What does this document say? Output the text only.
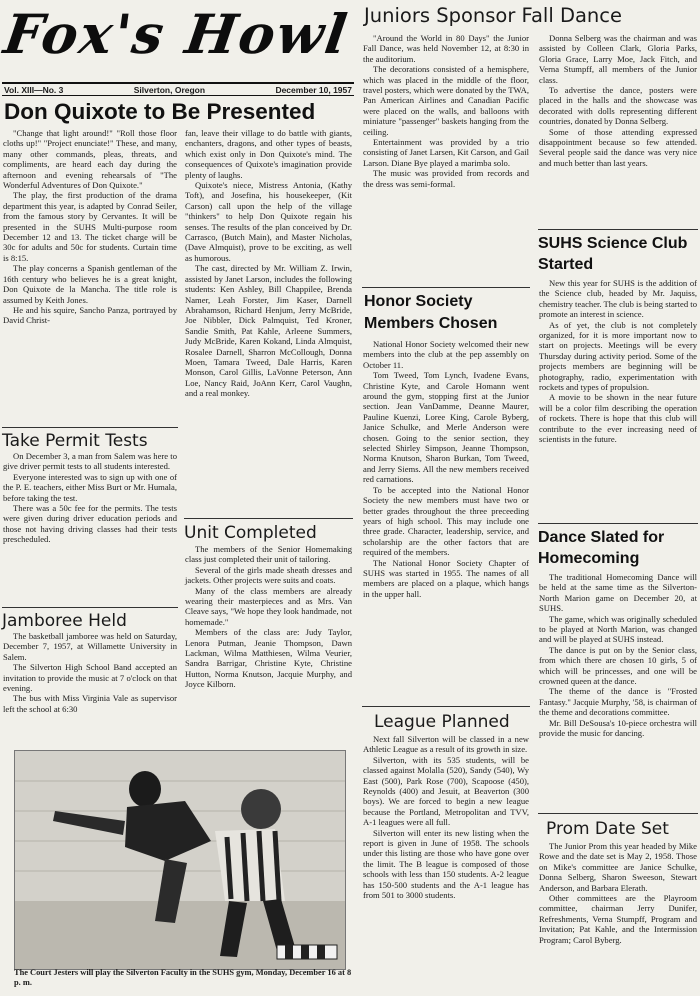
Fox's Howl
Vol. XIII—No. 3	Silverton, Oregon	December 10, 1957
Don Quixote to Be Presented

"Change that light around!" "Roll those floor cloths up!" "Project enunciate!" These, and many, many other commands, pleas, threats, and compliments, are heard each day during the afternoon and evening rehearsals of "The Wonderful Adventures of Don Quixote."

The play, the first production of the drama department this year, is adapted by Conrad Seiler, from the famous story by Cervantes. It will be presented in the SUHS Multi-purpose room December 12 and 13. The ticket charge will be 30c for adults and 50c for students. Curtain time is 8:15.

The play concerns a Spanish gentleman of the 16th century who believes he is a great knight, Don Quixote de la Mancha. The title role is assumed by Keith Jones.

He and his squire, Sancho Panza, portrayed by David Christ-

Take Permit Tests

On December 3, a man from Salem was here to give driver permit tests to all students interested.

Everyone interested was to sign up with one of the P. E. teachers, either Miss Burt or Mr. Humala, before taking the test.

There was a 50c fee for the permits. The tests were given during driver education periods and those not having driving classes had their tests prescheduled.

Jamboree Held

The basketball jamboree was held on Saturday, December 7, 1957, at Willamette University in Salem.

The Silverton High School Band accepted an invitation to provide the music at 7 o'clock on that evening.

The bus with Miss Virginia Vale as supervisor left the school at 6:30

fan, leave their village to do battle with giants, enchanters, dragons, and other types of beasts, which exist only in Don Quixote's mind. The consequences of Quixote's imagination provide plenty of laughs.

Quixote's niece, Mistress Antonia, (Kathy Toft), and Josefina, his housekeeper, (Kit Carson) call upon the help of the village "thinkers" to help Don Quixote regain his senses. The results of the plan conceived by Dr. Carrasco, (Butch Main), and Master Nicholas, (Dave Almquist), prove to be exciting, as well as humorous.

The cast, directed by Mr. William Z. Irwin, assisted by Janet Larson, includes the following students: Ken Ashley, Bill Chappilee, Brenda Namer, Leah Forster, Jim Kaser, Darnell Abrahamson, Richard Henjum, Jerry McBride, Joe Nibbler, Dick Palmquist, Ted Kroner, Sandie Smith, Pat Kahle, Arleene Summers, Judy McBride, Karen Kokand, Linda Almquist, Rosalee Darnell, Sharron McCollough, Donna Moen, Tamara Tweed, Dale Harris, Karen Monson, Carol Gillis, LaVonne Peterson, Ann Loe, Nancy Raid, JoAnn Kerr, Carol Vaughn, and a real monkey.

Unit Completed

The members of the Senior Homemaking class just completed their unit of tailoring.

Several of the girls made sheath dresses and jackets. Other projects were suits and coats.

Many of the class members are already wearing their masterpieces and as Mrs. Van Cleave says, "We hope they look handmade, not homemade."

Members of the class are: Judy Taylor, Lenora Putman, Jeanie Thompson, Dawn Lackman, Wilma Matthiesen, Wilma Veurier, Sandra Barrigar, Christine Kyte, Christine Hutton, Norma Knutson, Jacquie Murphy, and Joyce Kilborn.

The Court Jesters will play the Silverton Faculty in the SUHS gym, Monday, December 16 at 8 p. m.

"Around the World in 80 Days" the Junior Fall Dance, was held November 12, at 8:30 in the auditorium.

The decorations consisted of a hemisphere, which was placed in the middle of the floor, travel posters, which were donated by the TWA, Pan American Airlines and Canadian Pacific were placed on the walls, and balloons with miniature "passenger" baskets hanging from the ceiling.

Entertainment was provided by a trio consisting of Janet Larsen, Kit Carson, and Gail Larson. Diane Bye played a marimba solo.

The music was provided from records and the dress was semi-formal.

Honor Society Members Chosen

National Honor Society welcomed their new members into the club at the pep assembly on October 11.

Tom Tweed, Tom Lynch, Ivadene Evans, Christine Kyte, and Carole Homann went around the gym, stopping first at the Junior section. Jean VanDamme, Deanne Maurer, Pauline Kuenzi, Loree King, Carole Byberg, Janice Schulke, and Merle Anderson were chosen. Going to the senior section, they selected Shirley Simpson, Jeanne Thompson, Norma Knutson, Sharon Burkan, Tom Tweed, and Jerry Siems. All the new members received red carnations.

To be accepted into the National Honor Society the new members must have two or better grades throughout the three preceeding years of high school. This may include one three grade. Character, leadership, service, and scholarship are the other factors that are required of the members.

The National Honor Society Chapter of SUHS was started in 1955. The names of all members are placed on a plaque, which hangs in the upper hall.

League Planned

Next fall Silverton will be classed in a new Athletic League as a result of its growth in size.

Silverton, with its 535 students, will be classed against Molalla (520), Sandy (540), Wy East (500), Park Rose (700), Scapoose (450), Reynolds (400) and Jesuit, at Beaverton (300 boys). We are forced to begin a new league because the Portland, Metropolitan and TVV, A-1 leagues were all full.

Silverton will enter its new listing when the report is given in June of 1958. The schools under this listing are those who have gone over the limit. The B league is composed of those schools with less than 150 students. A-2 league has 150-500 students and the A-1 league has from 501 to 3000 students.

Juniors Sponsor Fall Dance

Donna Selberg was the chairman and was assisted by Colleen Clark, Gloria Parks, Gloria Grace, Larry Moe, Jack Fitch, and Verna Stumpff, all members of the Junior class.

To advertise the dance, posters were placed in the halls and the showcase was decorated with dolls representing different countries, donated by Donna Selberg.

Some of those attending expressed disappointment because so few attended. Several people said the dance was very nice and much better than last years.

SUHS Science Club Started

New this year for SUHS is the addition of the Science club, headed by Mr. Jaquiss, chemistry teacher. The club is being started to promote an interest in science.

As of yet, the club is not completely organized, for it is more important now to start on projects. Meetings will be every Thursday during activity period. Some of the projects members are beginning will be photography, radio, experimentation with rockets and types of propulsion.

A movie to be shown in the near future will be a color film describing the operation of rockets. There is hope that this club will contribute to the ever increasing need of scientists in the future.

Dance Slated for Homecoming

The traditional Homecoming Dance will be held at the same time as the Silverton-North Marion game on December 20, at SUHS.

The game, which was originally scheduled to be played at North Marion, was changed and will be played at SUHS instead.

The dance is put on by the Senior class, from which there are chosen 10 girls, 5 of which will be princesses, and one will be crowned queen at the dance.

The theme of the dance is "Frosted Fantasy." Jacquie Murphy, '58, is chairman of the theme and decorations committee.

Mr. Bill DeSousa's 10-piece orchestra will provide the music for dancing.

Prom Date Set

The Junior Prom this year headed by Mike Rowe and the date set is May 2, 1958. Those on Mike's committee are Janice Schulke, Donna Selberg, Sharon Sweeson, Stewart Anderson, and Barbara Elerath.

Other committees are the Playroom committee, chairman Jerry Dunifer, Refreshments, Verna Stumpff, Program and Invitation; Pat Kahle, and the Intermission Program; Carol Byberg.
